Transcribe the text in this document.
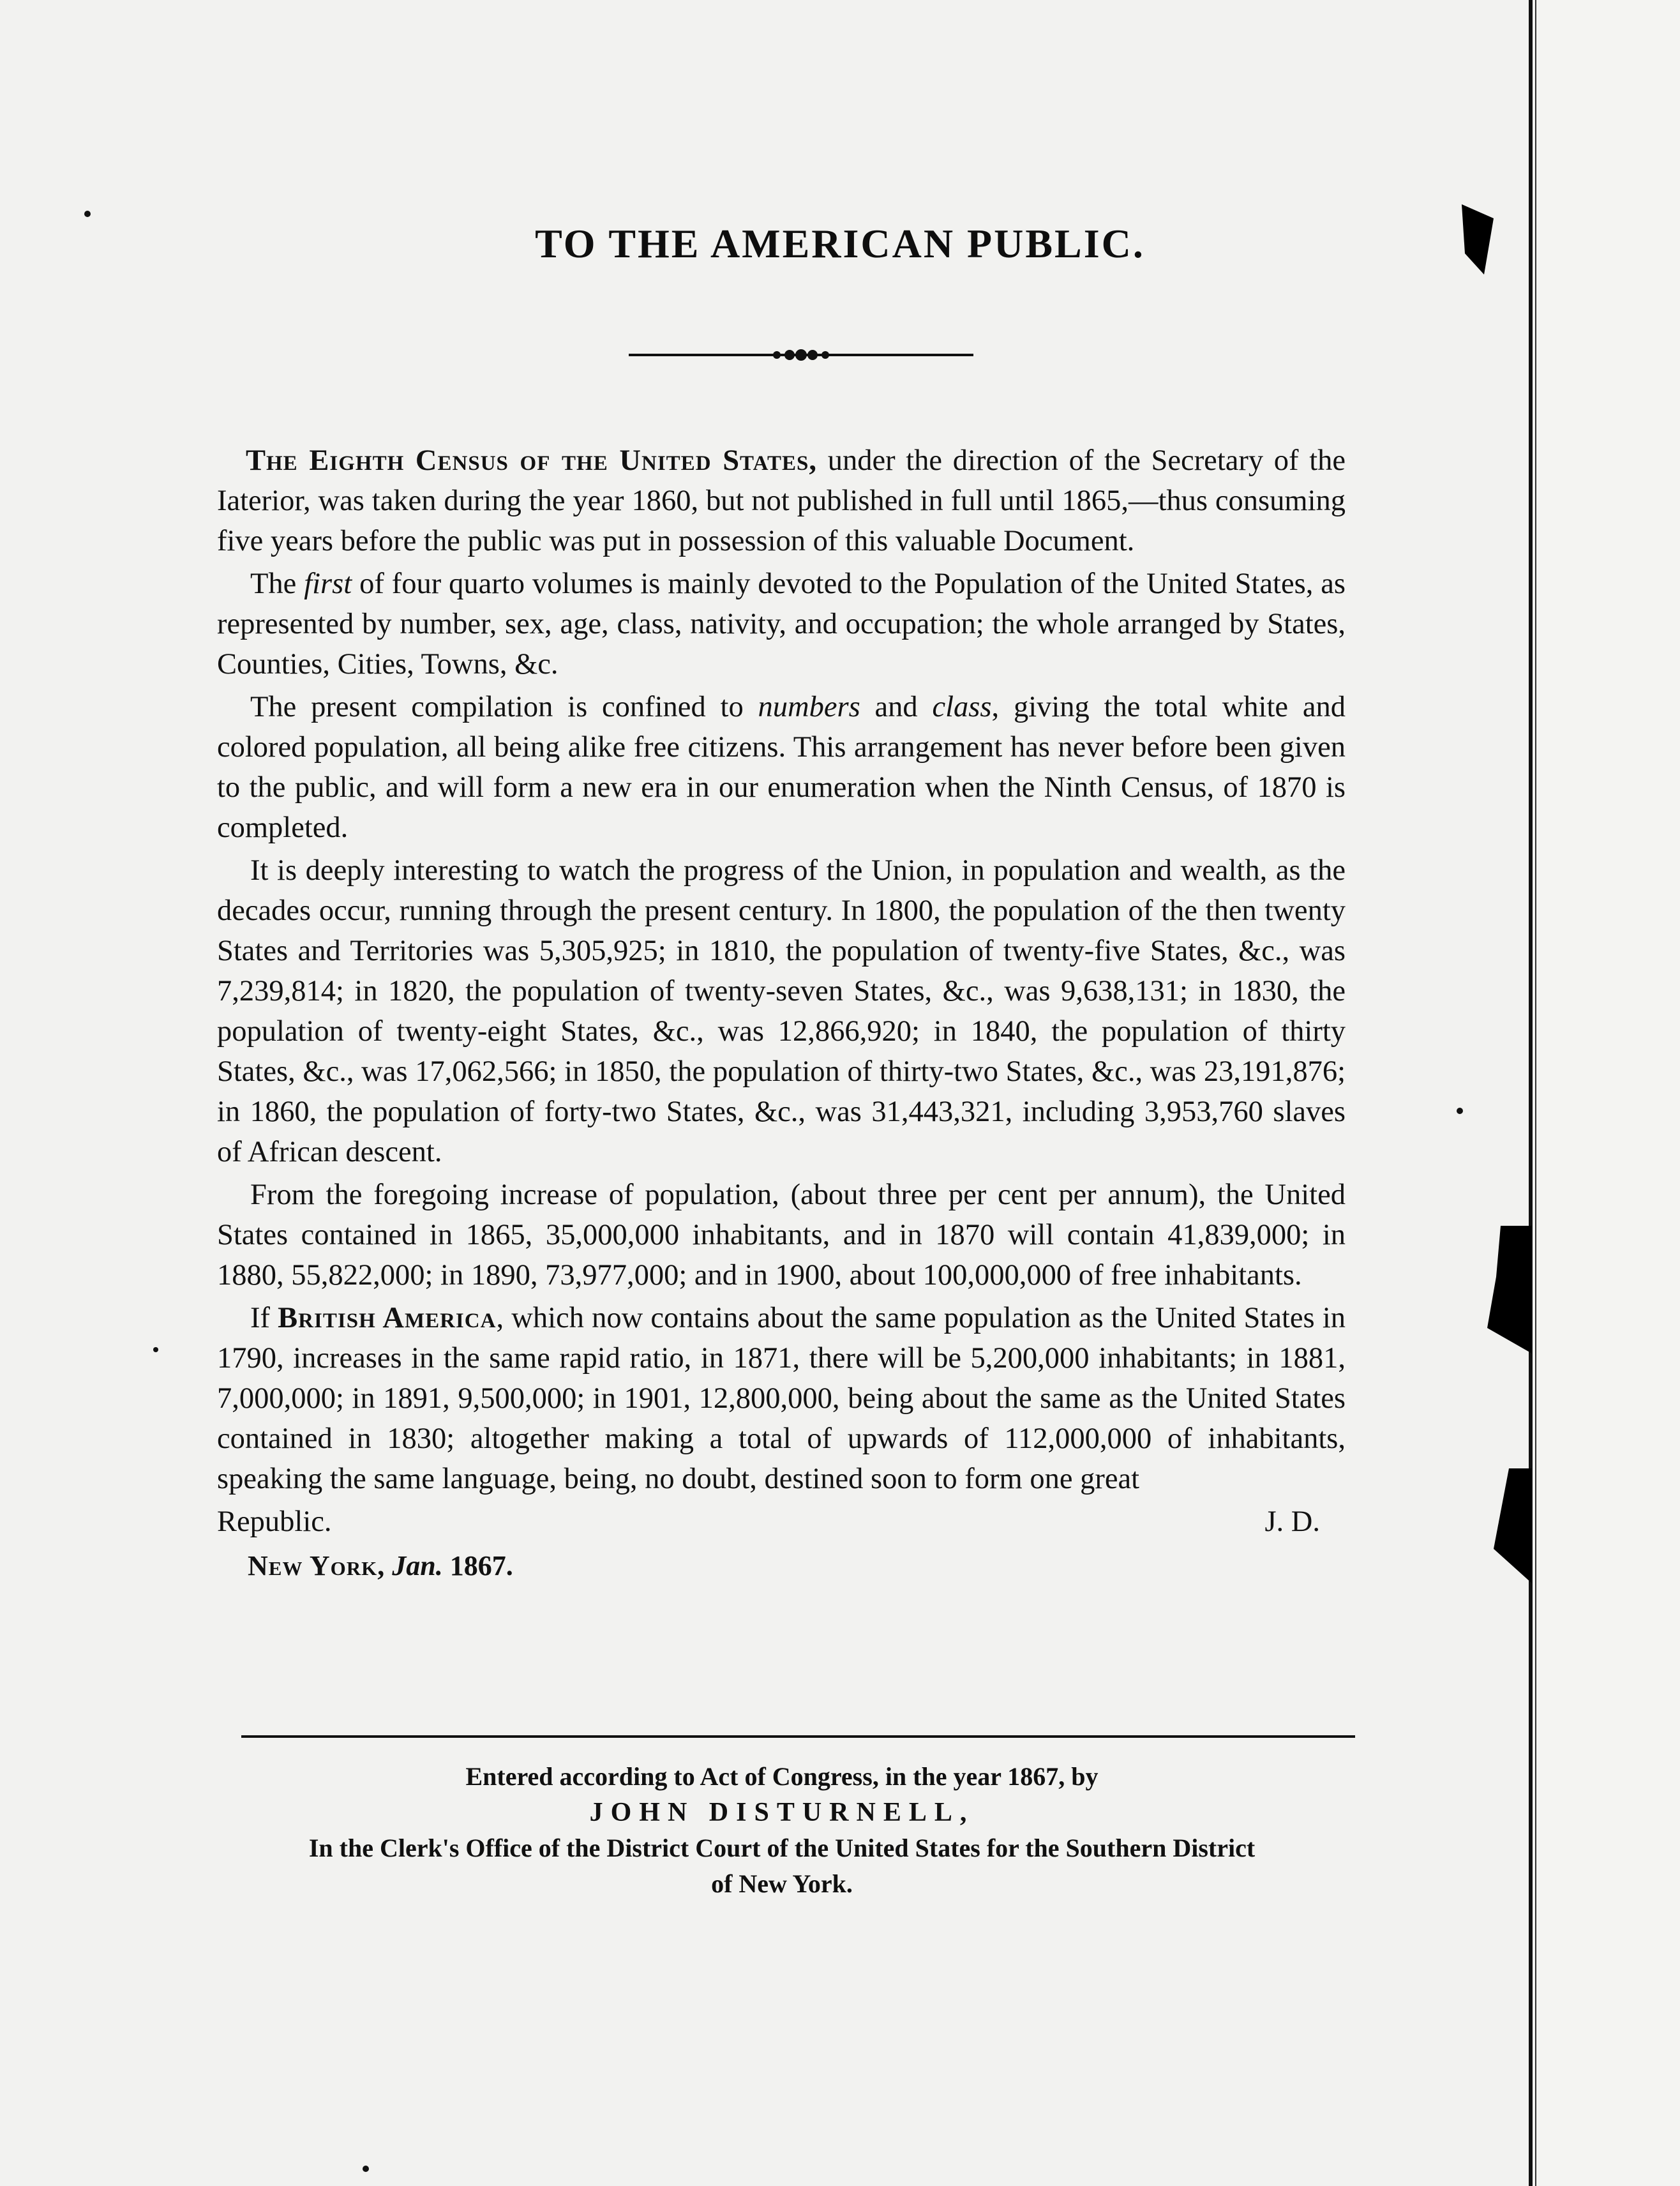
TO THE AMERICAN PUBLIC.

The Eighth Census of the United States, under the direction of the Secretary of the Iaterior, was taken during the year 1860, but not published in full until 1865,—thus consuming five years before the public was put in possession of this valuable Document.

The first of four quarto volumes is mainly devoted to the Population of the United States, as represented by number, sex, age, class, nativity, and occupation; the whole arranged by States, Counties, Cities, Towns, &c.

The present compilation is confined to numbers and class, giving the total white and colored population, all being alike free citizens. This arrangement has never before been given to the public, and will form a new era in our enumeration when the Ninth Census, of 1870 is completed.

It is deeply interesting to watch the progress of the Union, in population and wealth, as the decades occur, running through the present century. In 1800, the population of the then twenty States and Territories was 5,305,925; in 1810, the population of twenty-five States, &c., was 7,239,814; in 1820, the population of twenty-seven States, &c., was 9,638,131; in 1830, the population of twenty-eight States, &c., was 12,866,920; in 1840, the population of thirty States, &c., was 17,062,566; in 1850, the population of thirty-two States, &c., was 23,191,876; in 1860, the population of forty-two States, &c., was 31,443,321, including 3,953,760 slaves of African descent.

From the foregoing increase of population, (about three per cent per annum), the United States contained in 1865, 35,000,000 inhabitants, and in 1870 will contain 41,839,000; in 1880, 55,822,000; in 1890, 73,977,000; and in 1900, about 100,000,000 of free inhabitants.

If British America, which now contains about the same population as the United States in 1790, increases in the same rapid ratio, in 1871, there will be 5,200,000 inhabitants; in 1881, 7,000,000; in 1891, 9,500,000; in 1901, 12,800,000, being about the same as the United States contained in 1830; altogether making a total of upwards of 112,000,000 of inhabitants, speaking the same language, being, no doubt, destined soon to form one great

Republic.	J. D.

New York, Jan. 1867.

Entered according to Act of Congress, in the year 1867, by
JOHN DISTURNELL,
In the Clerk's Office of the District Court of the United States for the Southern District
of New York.
